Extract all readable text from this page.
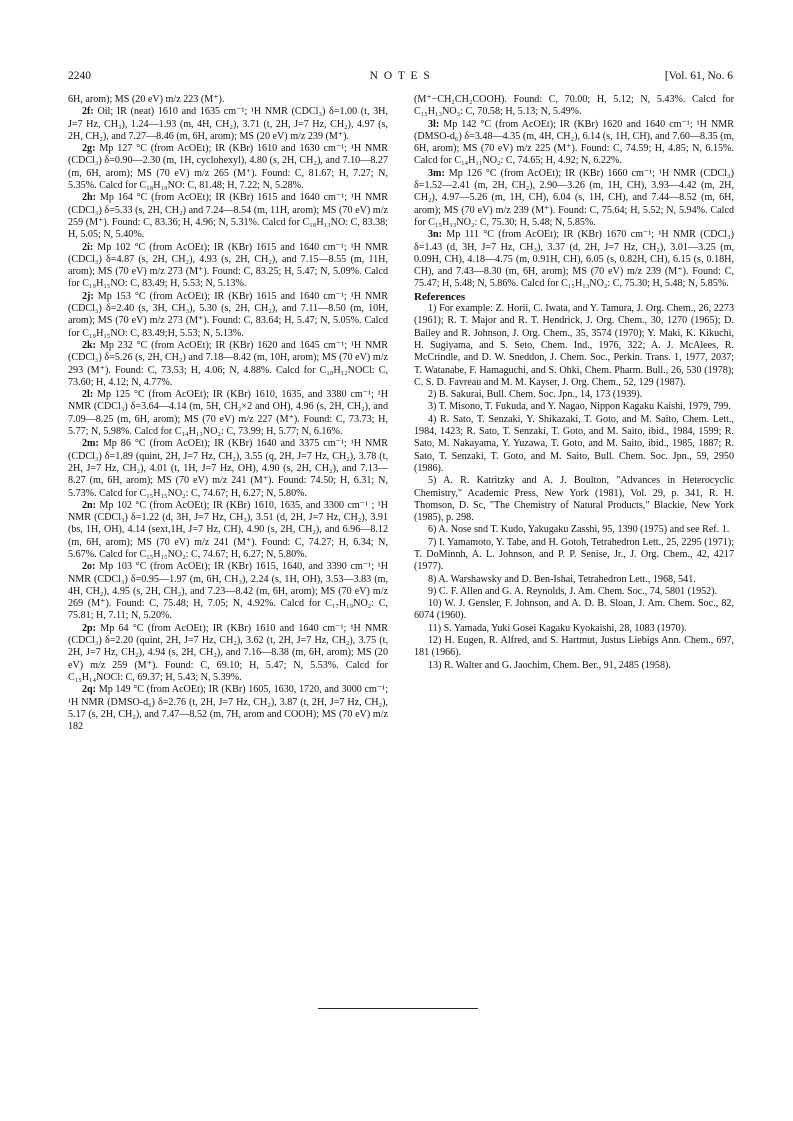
2240	N O T E S	[Vol. 61, No. 6

6H, arom); MS (20 eV) m/z 223 (M⁺).

2f: Oil; IR (neat) 1610 and 1635 cm⁻¹; ¹H NMR (CDCl₃) δ=1.00 (t, 3H, J=7 Hz, CH₃), 1.24—1.93 (m, 4H, CH₂), 3.71 (t, 2H, J=7 Hz, CH₂), 4.97 (s, 2H, CH₂), and 7.27—8.46 (m, 6H, arom); MS (20 eV) m/z 239 (M⁺).

2g: Mp 127 °C (from AcOEt); IR (KBr) 1610 and 1630 cm⁻¹; ¹H NMR (CDCl₃) δ=0.90—2.30 (m, 1H, cyclohexyl), 4.80 (s, 2H, CH₂), and 7.10—8.27 (m, 6H, arom); MS (70 eV) m/z 265 (M⁺). Found: C, 81.67; H, 7.27; N, 5.35%. Calcd for C₁₈H₁₉NO: C, 81.48; H, 7.22; N, 5.28%.

2h: Mp 164 °C (from AcOEt); IR (KBr) 1615 and 1640 cm⁻¹; ¹H NMR (CDCl₃) δ=5.33 (s, 2H, CH₂) and 7.24—8.54 (m, 11H, arom); MS (70 eV) m/z 259 (M⁺). Found: C, 83.36; H, 4.96; N, 5.31%. Calcd for C₁₈H₁₃NO: C, 83.38; H, 5.05; N, 5.40%.

2i: Mp 102 °C (from AcOEt); IR (KBr) 1615 and 1640 cm⁻¹; ¹H NMR (CDCl₃) δ=4.87 (s, 2H, CH₂), 4.93 (s, 2H, CH₂), and 7.15—8.55 (m, 11H, arom); MS (70 eV) m/z 273 (M⁺). Found: C, 83.25; H, 5.47; N, 5.09%. Calcd for C₁₉H₁₅NO: C, 83.49; H, 5.53; N, 5.13%.

2j: Mp 153 °C (from AcOEt); IR (KBr) 1615 and 1640 cm⁻¹; ¹H NMR (CDCl₃) δ=2.40 (s, 3H, CH₃), 5.30 (s, 2H, CH₂), and 7.11—8.50 (m, 10H, arom); MS (70 eV) m/z 273 (M⁺). Found: C, 83.64; H, 5.47; N, 5.05%. Calcd for C₁₉H₁₅NO: C, 83.49;H, 5.53; N, 5.13%.

2k: Mp 232 °C (from AcOEt); IR (KBr) 1620 and 1645 cm⁻¹; ¹H NMR (CDCl₃) δ=5.26 (s, 2H, CH₂) and 7.18—8.42 (m, 10H, arom); MS (70 eV) m/z 293 (M⁺). Found: C, 73.53; H, 4.06; N, 4.88%. Calcd for C₁₈H₁₂NOCl: C, 73.60; H, 4.12; N, 4.77%.

2l: Mp 125 °C (from AcOEt); IR (KBr) 1610, 1635, and 3380 cm⁻¹; ¹H NMR (CDCl₃) δ=3.64—4.14 (m, 5H, CH₂×2 and OH), 4.96 (s, 2H, CH₂), and 7.09—8.25 (m, 6H, arom); MS (70 eV) m/z 227 (M⁺). Found: C, 73.73; H, 5.77; N, 5.98%. Calcd for C₁₄H₁₃NO₂: C, 73.99; H, 5.77; N, 6.16%.

2m: Mp 86 °C (from AcOEt); IR (KBr) 1640 and 3375 cm⁻¹; ¹H NMR (CDCl₃) δ=1.89 (quint, 2H, J=7 Hz, CH₂), 3.55 (q, 2H, J=7 Hz, CH₂), 3.78 (t, 2H, J=7 Hz, CH₂), 4.01 (t, 1H, J=7 Hz, OH), 4.90 (s, 2H, CH₂), and 7.13—8.27 (m, 6H, arom); MS (70 eV) m/z 241 (M⁺). Found: 74.50; H, 6.31; N, 5.73%. Calcd for C₁₅H₁₅NO₂: C, 74.67; H, 6.27; N, 5.80%.

2n: Mp 102 °C (from AcOEt); IR (KBr) 1610, 1635, and 3300 cm⁻¹ ; ¹H NMR (CDCl₃) δ=1.22 (d, 3H, J=7 Hz, CH₃), 3.51 (d, 2H, J=7 Hz, CH₂), 3.91 (bs, 1H, OH), 4.14 (sext,1H, J=7 Hz, CH), 4.90 (s, 2H, CH₂), and 6.96—8.12 (m, 6H, arom); MS (70 eV) m/z 241 (M⁺). Found: C, 74.27; H, 6.34; N, 5.67%. Calcd for C₁₅H₁₅NO₂: C, 74.67; H, 6.27; N, 5.80%.

2o: Mp 103 °C (from AcOEt); IR (KBr) 1615, 1640, and 3390 cm⁻¹; ¹H NMR (CDCl₃) δ=0.95—1.97 (m, 6H, CH₃), 2.24 (s, 1H, OH), 3.53—3.83 (m, 4H, CH₂), 4.95 (s, 2H, CH₂), and 7.23—8.42 (m, 6H, arom); MS (70 eV) m/z 269 (M⁺). Found: C, 75.48; H, 7.05; N, 4.92%. Calcd for C₁₇H₁₉NO₂: C, 75.81; H, 7.11; N, 5.20%.

2p: Mp 64 °C (from AcOEt); IR (KBr) 1610 and 1640 cm⁻¹; ¹H NMR (CDCl₃) δ=2.20 (quint, 2H, J=7 Hz, CH₂), 3.62 (t, 2H, J=7 Hz, CH₂), 3.75 (t, 2H, J=7 Hz, CH₂), 4.94 (s, 2H, CH₂), and 7.16—8.38 (m, 6H, arom); MS (20 eV) m/z 259 (M⁺). Found: C, 69.10; H, 5.47; N, 5.53%. Calcd for C₁₅H₁₄NOCl: C, 69.37; H, 5.43; N, 5.39%.

2q: Mp 149 °C (from AcOEt); IR (KBr) 1605, 1630, 1720, and 3000 cm⁻¹; ¹H NMR (DMSO-d₆) δ=2.76 (t, 2H, J=7 Hz, CH₂), 3.87 (t, 2H, J=7 Hz, CH₂), 5.17 (s, 2H, CH₂), and 7.47—8.52 (m, 7H, arom and COOH); MS (70 eV) m/z 182

(M⁺−CH₂CH₂COOH). Found: C, 70.00; H, 5.12; N, 5.43%. Calcd for C₁₅H₁₃NO₃: C, 70.58; H, 5.13; N, 5.49%.

3l: Mp 142 °C (from AcOEt); IR (KBr) 1620 and 1640 cm⁻¹; ¹H NMR (DMSO-d₆) δ=3.48—4.35 (m, 4H, CH₂), 6.14 (s, 1H, CH), and 7.60—8.35 (m, 6H, arom); MS (70 eV) m/z 225 (M⁺). Found: C, 74.59; H, 4.85; N, 6.15%. Calcd for C₁₄H₁₁NO₂: C, 74.65; H, 4.92; N, 6.22%.

3m: Mp 126 °C (from AcOEt); IR (KBr) 1660 cm⁻¹; ¹H NMR (CDCl₃) δ=1.52—2.41 (m, 2H, CH₂), 2.90—3.26 (m, 1H, CH), 3.93—4.42 (m, 2H, CH₂), 4.97—5.26 (m, 1H, CH), 6.04 (s, 1H, CH), and 7.44—8.52 (m, 6H, arom); MS (70 eV) m/z 239 (M⁺). Found: C, 75.64; H, 5.52; N, 5.94%. Calcd for C₁₅H₁₃NO₂: C, 75.30; H, 5.48; N, 5.85%.

3n: Mp 111 °C (from AcOEt); IR (KBr) 1670 cm⁻¹; ¹H NMR (CDCl₃) δ=1.43 (d, 3H, J=7 Hz, CH₃), 3.37 (d, 2H, J=7 Hz, CH₂), 3.01—3.25 (m, 0.09H, CH), 4.18—4.75 (m, 0.91H, CH), 6.05 (s, 0.82H, CH), 6.15 (s, 0.18H, CH), and 7.43—8.30 (m, 6H, arom); MS (70 eV) m/z 239 (M⁺). Found: C, 75.47; H, 5.48; N, 5.86%. Calcd for C₁₅H₁₃NO₂: C, 75.30; H, 5.48; N, 5.85%.

References

1) For example: Z. Horii, C. Iwata, and Y. Tamura, J. Org. Chem., 26, 2273 (1961); R. T. Major and R. T. Hendrick, J. Org. Chem., 30, 1270 (1965); D. Bailey and R. Johnson, J. Org. Chem., 35, 3574 (1970); Y. Maki, K. Kikuchi, H. Sugiyama, and S. Seto, Chem. Ind., 1976, 322; A. J. McAlees, R. McCrindle, and D. W. Sneddon, J. Chem. Soc., Perkin. Trans. 1, 1977, 2037; T. Watanabe, F. Hamaguchi, and S. Ohki, Chem. Pharm. Bull., 26, 530 (1978); C. S. D. Favreau and M. M. Kayser, J. Org. Chem., 52, 129 (1987).

2) B. Sakurai, Bull. Chem. Soc. Jpn., 14, 173 (1939).

3) T. Misono, T. Fukuda, and Y. Nagao, Nippon Kagaku Kaishi, 1979, 799.

4) R. Sato, T. Senzaki, Y. Shikazaki, T. Goto, and M. Saito, Chem. Lett., 1984, 1423; R. Sato, T. Senzaki, T. Goto, and M. Saito, ibid., 1984, 1599; R. Sato, M. Nakayama, Y. Yuzawa, T. Goto, and M. Saito, ibid., 1985, 1887; R. Sato, T. Senzaki, T. Goto, and M. Saito, Bull. Chem. Soc. Jpn., 59, 2950 (1986).

5) A. R. Katritzky and A. J. Boulton, "Advances in Heterocyclic Chemistry," Academic Press, New York (1981), Vol. 29, p. 341, R. H. Thomson, D. Sc, "The Chemistry of Natural Products," Blackie, New York (1985), p. 298.

6) A. Nose snd T. Kudo, Yakugaku Zasshi, 95, 1390 (1975) and see Ref. 1.

7) I. Yamamoto, Y. Tabe, and H. Gotoh, Tetrahedron Lett., 25, 2295 (1971); T. DoMinnh, A. L. Johnson, and P. P. Senise, Jr., J. Org. Chem., 42, 4217 (1977).

8) A. Warshawsky and D. Ben-Ishai, Tetrahedron Lett., 1968, 541.

9) C. F. Allen and G. A. Reynolds, J. Am. Chem. Soc., 74, 5801 (1952).

10) W. J. Gensler, F. Johnson, and A. D. B. Sloan, J. Am. Chem. Soc., 82, 6074 (1960).

11) S. Yamada, Yuki Gosei Kagaku Kyokaishi, 28, 1083 (1970).

12) H. Eugen, R. Alfred, and S. Hartmut, Justus Liebigs Ann. Chem., 697, 181 (1966).

13) R. Walter and G. Jaochim, Chem. Ber., 91, 2485 (1958).
